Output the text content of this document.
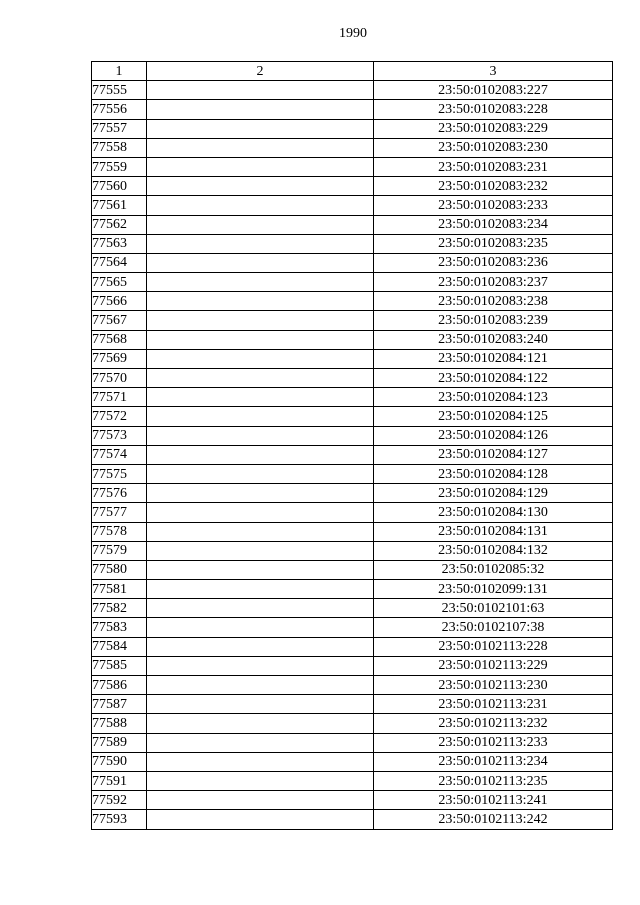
1990
1	2	3
77555		23:50:0102083:227
77556		23:50:0102083:228
77557		23:50:0102083:229
77558		23:50:0102083:230
77559		23:50:0102083:231
77560		23:50:0102083:232
77561		23:50:0102083:233
77562		23:50:0102083:234
77563		23:50:0102083:235
77564		23:50:0102083:236
77565		23:50:0102083:237
77566		23:50:0102083:238
77567		23:50:0102083:239
77568		23:50:0102083:240
77569		23:50:0102084:121
77570		23:50:0102084:122
77571		23:50:0102084:123
77572		23:50:0102084:125
77573		23:50:0102084:126
77574		23:50:0102084:127
77575		23:50:0102084:128
77576		23:50:0102084:129
77577		23:50:0102084:130
77578		23:50:0102084:131
77579		23:50:0102084:132
77580		23:50:0102085:32
77581		23:50:0102099:131
77582		23:50:0102101:63
77583		23:50:0102107:38
77584		23:50:0102113:228
77585		23:50:0102113:229
77586		23:50:0102113:230
77587		23:50:0102113:231
77588		23:50:0102113:232
77589		23:50:0102113:233
77590		23:50:0102113:234
77591		23:50:0102113:235
77592		23:50:0102113:241
77593		23:50:0102113:242
